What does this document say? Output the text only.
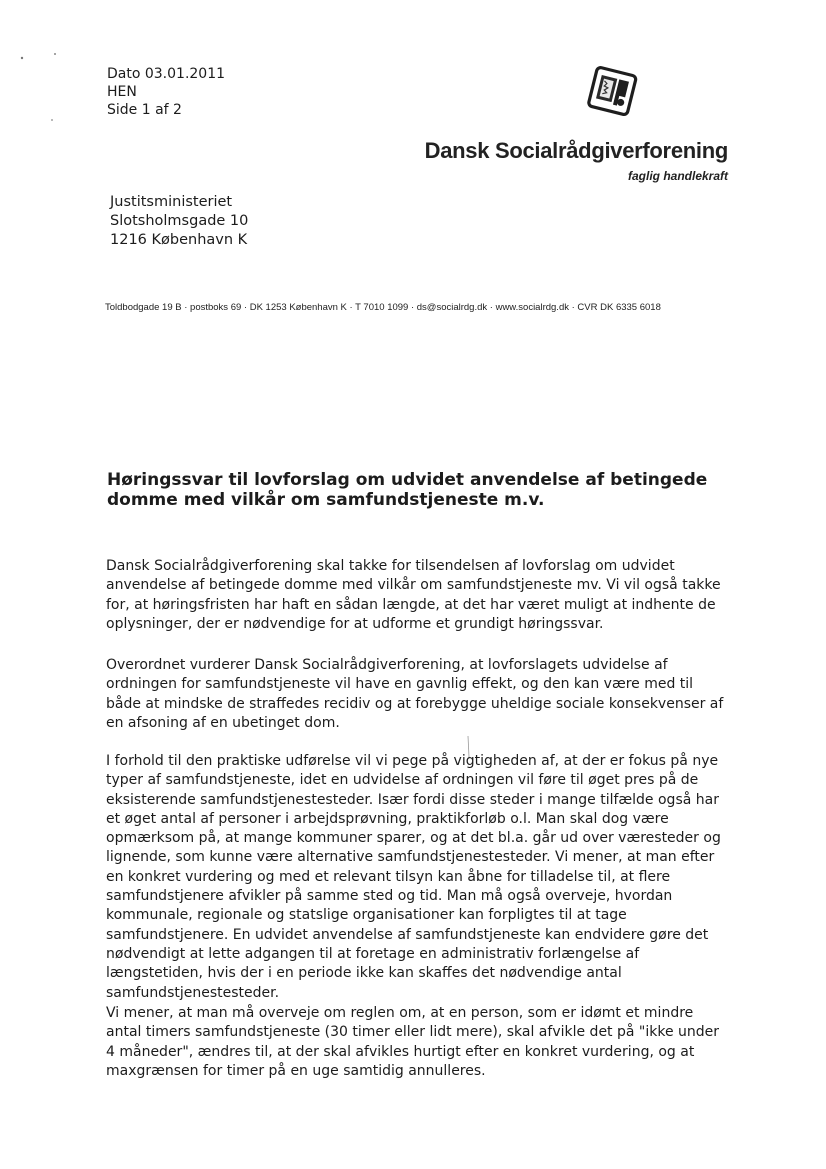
Dato 03.01.2011
HEN
Side 1 af 2
Dansk Socialrådgiverforening
faglig handlekraft
Justitsministeriet
Slotsholmsgade 10
1216 København K
Toldbodgade 19 B · postboks 69 · DK 1253 København K · T 7010 1099 · ds@socialrdg.dk · www.socialrdg.dk · CVR DK 6335 6018
Høringssvar til lovforslag om udvidet anvendelse af betingede domme med vilkår om samfundstjeneste m.v.

Dansk Socialrådgiverforening skal takke for tilsendelsen af lovforslag om udvidet anvendelse af betingede domme med vilkår om samfundstjeneste mv. Vi vil også takke for, at høringsfristen har haft en sådan længde, at det har været muligt at indhente de oplysninger, der er nødvendige for at udforme et grundigt høringssvar.

Overordnet vurderer Dansk Socialrådgiverforening, at lovforslagets udvidelse af ordningen for samfundstjeneste vil have en gavnlig effekt, og den kan være med til både at mindske de straffedes recidiv og at forebygge uheldige sociale konsekvenser af en afsoning af en ubetinget dom.

I forhold til den praktiske udførelse vil vi pege på vigtigheden af, at der er fokus på nye typer af samfundstjeneste, idet en udvidelse af ordningen vil føre til øget pres på de eksisterende samfundstjenestesteder. Især fordi disse steder i mange tilfælde også har et øget antal af personer i arbejdsprøvning, praktikforløb o.l. Man skal dog være opmærksom på, at mange kommuner sparer, og at det bl.a. går ud over væresteder og lignende, som kunne være alternative samfundstjenestesteder. Vi mener, at man efter en konkret vurdering og med et relevant tilsyn kan åbne for tilladelse til, at flere samfundstjenere afvikler på samme sted og tid. Man må også overveje, hvordan kommunale, regionale og statslige organisationer kan forpligtes til at tage samfundstjenere. En udvidet anvendelse af samfundstjeneste kan endvidere gøre det nødvendigt at lette adgangen til at foretage en administrativ forlængelse af længstetiden, hvis der i en periode ikke kan skaffes det nødvendige antal samfundstjenestesteder.

Vi mener, at man må overveje om reglen om, at en person, som er idømt et mindre antal timers samfundstjeneste (30 timer eller lidt mere), skal afvikle det på "ikke under 4 måneder", ændres til, at der skal afvikles hurtigt efter en konkret vurdering, og at maxgrænsen for timer på en uge samtidig annulleres.
